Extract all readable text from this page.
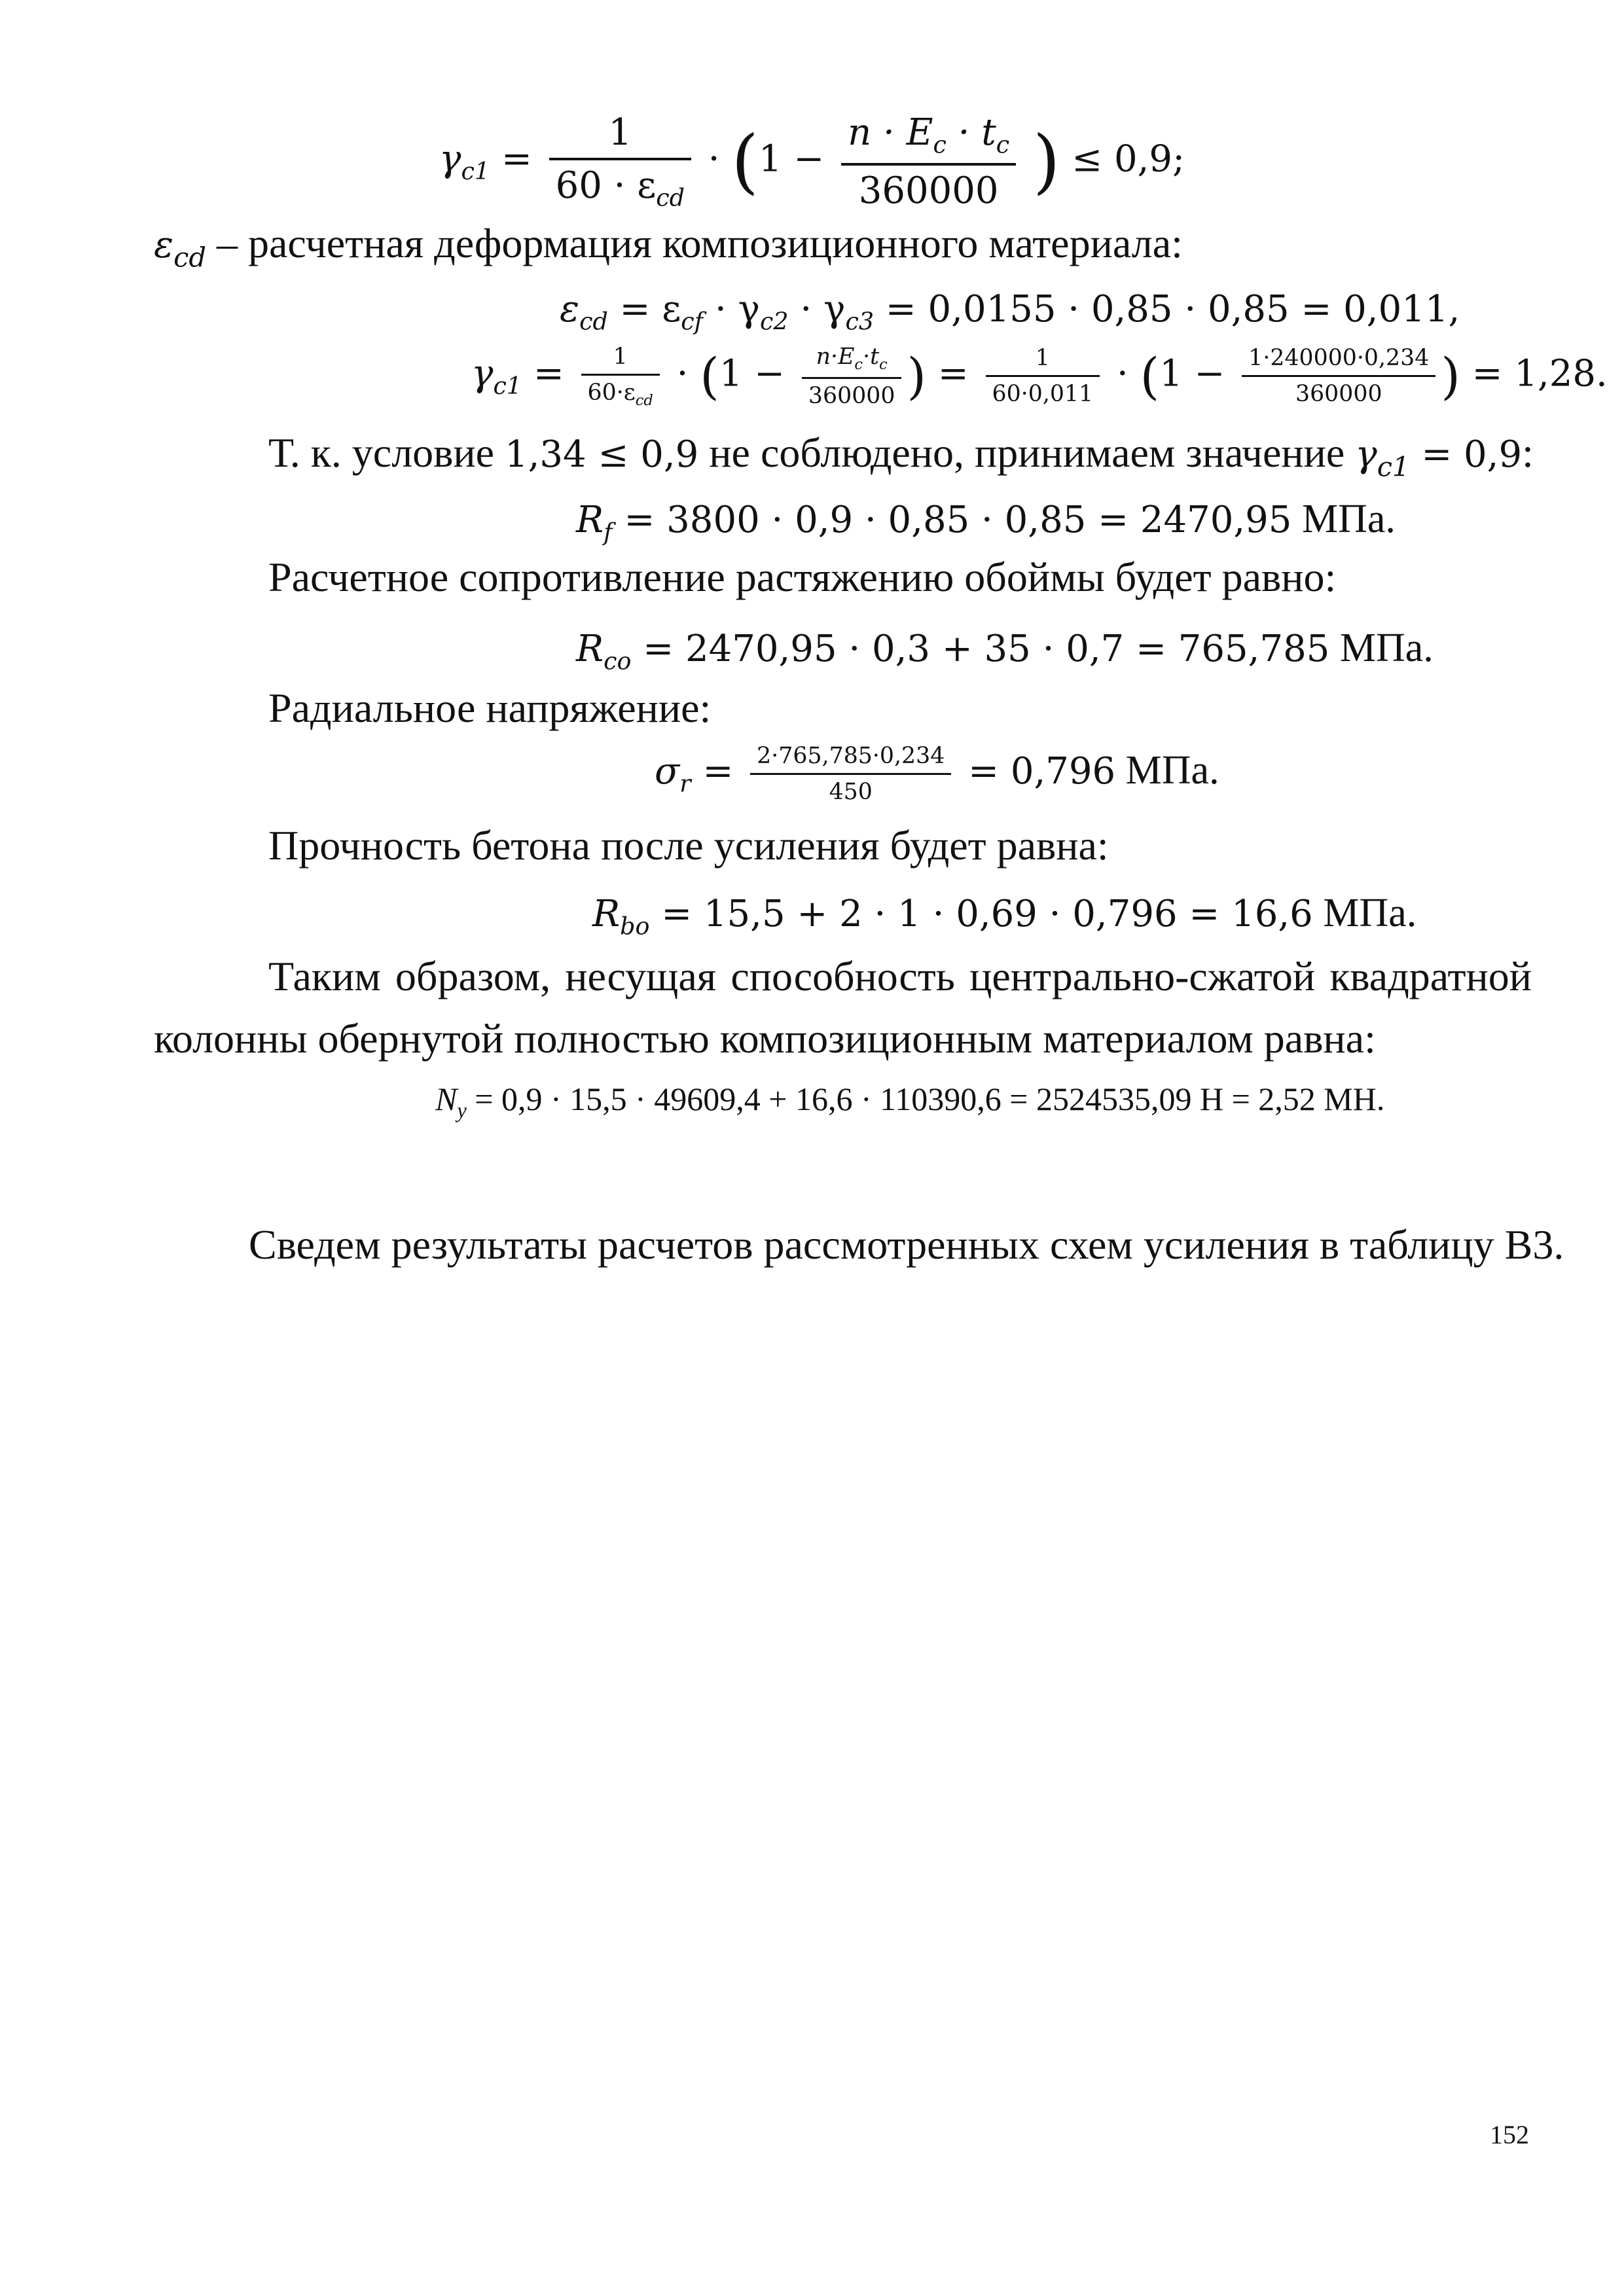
$\gamma_{c1} = \frac{1}{60 \cdot \varepsilon_{cd}} \cdot (1 - \frac{n \cdot E_c \cdot t_c}{360000}$ ) ≤ 0,9;
$\varepsilon_{cd}$ – расчетная деформация композиционного материала:
$\varepsilon_{cd} = \varepsilon_{cf} \cdot \gamma_{c2} \cdot \gamma_{c3} = 0,0155 \cdot 0,85 \cdot 0,85 = 0,011$,
$\gamma_{c1} = \frac{1}{60\cdot\varepsilon_{cd}} \cdot (1 - \frac{n\cdot E_c\cdot t_c}{360000}$ ) = $\frac{1}{60\cdot 0,011} \cdot (1 - \frac{1\cdot 240000\cdot 0,234}{360000}$ ) = 1,28.
Т. к. условие 1,34 ≤ 0,9 не соблюдено, принимаем значение $\gamma_{c1} = 0,9$:
$R_f = 3800 \cdot 0,9 \cdot 0,85 \cdot 0,85 = 2470,95$ МПа.
Расчетное сопротивление растяжению обоймы будет равно:
$R_{co} = 2470,95 \cdot 0,3 + 35 \cdot 0,7 = 765,785$ МПа.
Радиальное напряжение:
$\sigma_r = \frac{2\cdot 765,785\cdot 0,234}{450} = 0,796$ МПа.
Прочность бетона после усиления будет равна:
$R_{bo} = 15,5 + 2 \cdot 1 \cdot 0,69 \cdot 0,796 = 16,6$ МПа.
Таким образом, несущая способность центрально-сжатой квадратной
колонны обернутой полностью композиционным материалом равна:
$N_y = 0,9 \cdot 15,5 \cdot 49609,4 + 16,6 \cdot 110390,6 = 2524535,09$ Н = 2,52 МН.
Сведем результаты расчетов рассмотренных схем усиления в таблицу В3.
152
